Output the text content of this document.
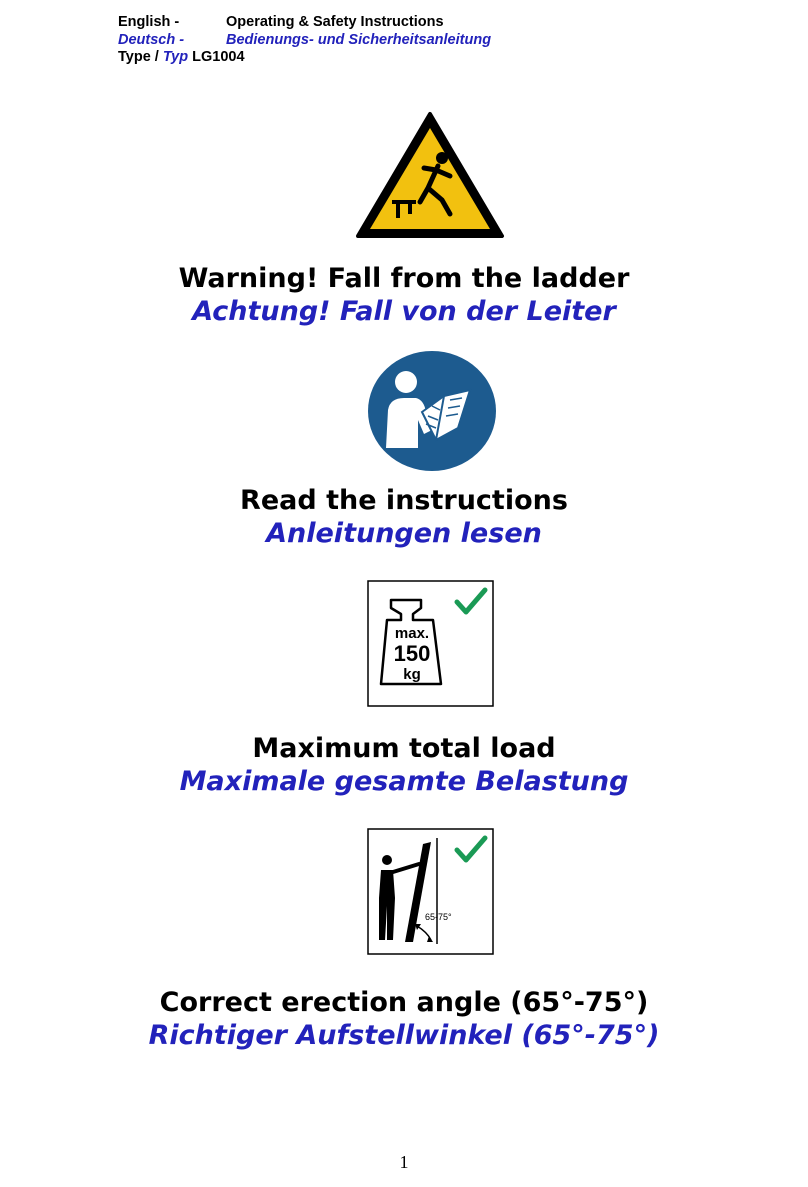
English -	Operating & Safety Instructions
Deutsch -	Bedienungs- und Sicherheitsanleitung
Type /
Typ
LG1004
Warning! Fall from the ladder
Achtung! Fall von der Leiter
Read the instructions
Anleitungen lesen
max.
150
kg
Maximum total load
Maximale gesamte Belastung
65-75°
Correct erection angle (65°-75°)
Richtiger Aufstellwinkel (65°-75°)
1
